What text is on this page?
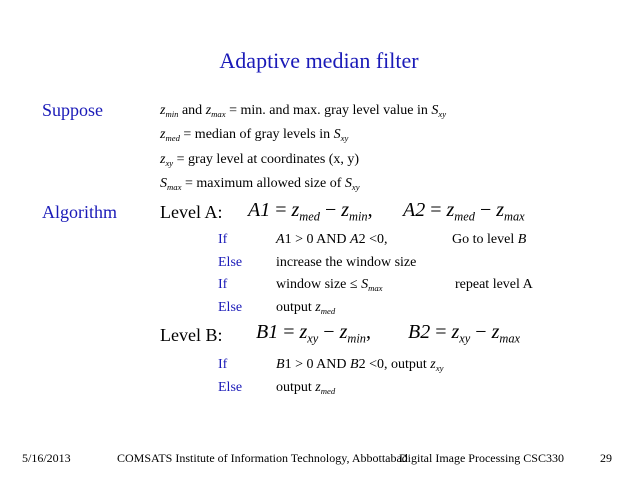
Adaptive median filter
Suppose	$z_{min}$ and $z_{max} = \min$. and max. gray level value in $S_{xy}$
$z_{med}$ = median of gray levels in $S_{xy}$
$z_{xy}$ = gray level at coordinates (x, y)
$S_{max}$ = maximum allowed size of $S_{xy}$
Algorithm Level A: $A1 = z_{med} - z_{min}$, $A2 = z_{med} - z_{max}$
If	A1 > 0 AND A2 <0,	Go to level B
Else increase the window size
If	window size ≤ $S_{max}$	repeat level A
Else output $z_{med}$
Level B: $B1 = z_{xy} - z_{min}$, $B2 = z_{xy} - z_{max}$
If	B1 > 0 AND B2 <0, output $z_{xy}$
Else output $z_{med}$
5/16/2013	COMSATS Institute of Information Technology, Abbottabad
Digital Image Processing CSC330	29
